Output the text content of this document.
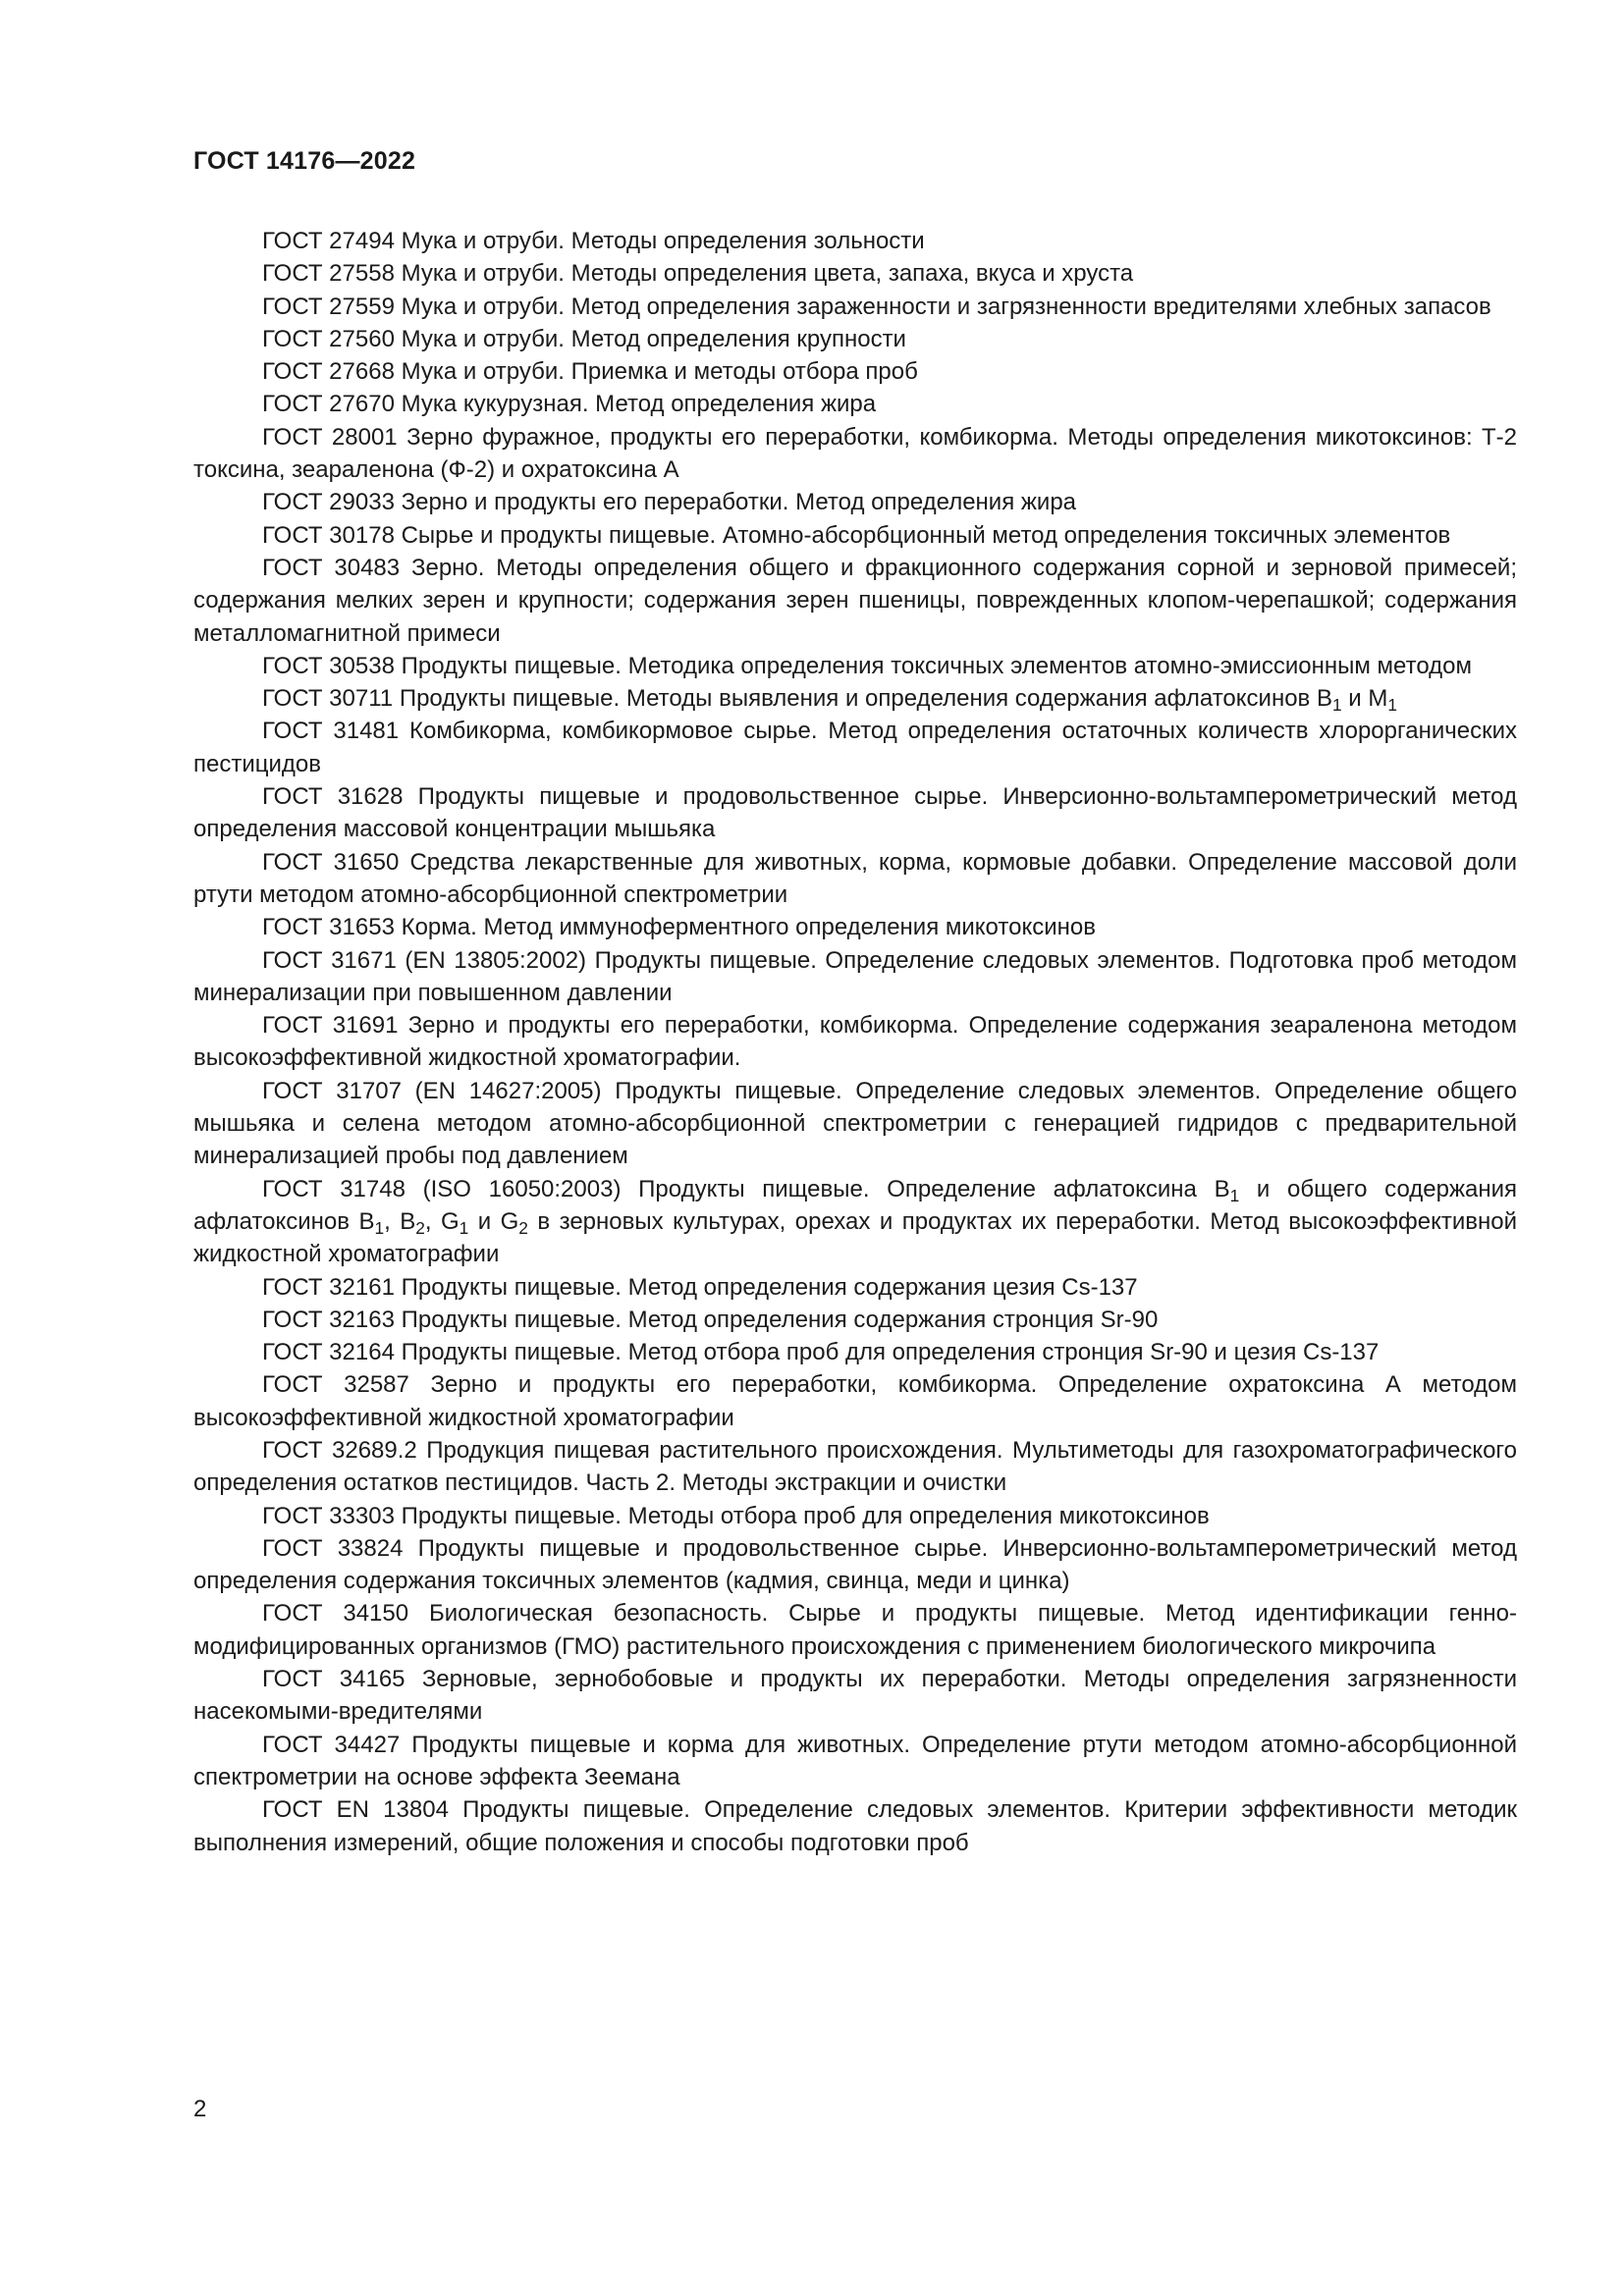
ГОСТ 14176—2022

ГОСТ 27494 Мука и отруби. Методы определения зольности

ГОСТ 27558 Мука и отруби. Методы определения цвета, запаха, вкуса и хруста

ГОСТ 27559 Мука и отруби. Метод определения зараженности и загрязненности вредителями хлебных запасов

ГОСТ 27560 Мука и отруби. Метод определения крупности

ГОСТ 27668 Мука и отруби. Приемка и методы отбора проб

ГОСТ 27670 Мука кукурузная. Метод определения жира

ГОСТ 28001 Зерно фуражное, продукты его переработки, комбикорма. Методы определения микотоксинов: Т-2 токсина, зеараленона (Ф-2) и охратоксина А

ГОСТ 29033 Зерно и продукты его переработки. Метод определения жира

ГОСТ 30178 Сырье и продукты пищевые. Атомно-абсорбционный метод определения токсичных элементов

ГОСТ 30483 Зерно. Методы определения общего и фракционного содержания сорной и зерновой примесей; содержания мелких зерен и крупности; содержания зерен пшеницы, поврежденных клопом-черепашкой; содержания металломагнитной примеси

ГОСТ 30538 Продукты пищевые. Методика определения токсичных элементов атомно-эмиссионным методом

ГОСТ 30711 Продукты пищевые. Методы выявления и определения содержания афлатоксинов $B_1$ и $M_1$

ГОСТ 31481 Комбикорма, комбикормовое сырье. Метод определения остаточных количеств хлорорганических пестицидов

ГОСТ 31628 Продукты пищевые и продовольственное сырье. Инверсионно-вольтамперометрический метод определения массовой концентрации мышьяка

ГОСТ 31650 Средства лекарственные для животных, корма, кормовые добавки. Определение массовой доли ртути методом атомно-абсорбционной спектрометрии

ГОСТ 31653 Корма. Метод иммуноферментного определения микотоксинов

ГОСТ 31671 (EN 13805:2002) Продукты пищевые. Определение следовых элементов. Подготовка проб методом минерализации при повышенном давлении

ГОСТ 31691 Зерно и продукты его переработки, комбикорма. Определение содержания зеараленона методом высокоэффективной жидкостной хроматографии.

ГОСТ 31707 (EN 14627:2005) Продукты пищевые. Определение следовых элементов. Определение общего мышьяка и селена методом атомно-абсорбционной спектрометрии с генерацией гидридов с предварительной минерализацией пробы под давлением

ГОСТ 31748 (ISO 16050:2003) Продукты пищевые. Определение афлатоксина $B_1$ и общего содержания афлатоксинов $B_1$, $B_2$, $G_1$ и $G_2$ в зерновых культурах, орехах и продуктах их переработки. Метод высокоэффективной жидкостной хроматографии

ГОСТ 32161 Продукты пищевые. Метод определения содержания цезия Cs-137

ГОСТ 32163 Продукты пищевые. Метод определения содержания стронция Sr-90

ГОСТ 32164 Продукты пищевые. Метод отбора проб для определения стронция Sr-90 и цезия Cs-137

ГОСТ 32587 Зерно и продукты его переработки, комбикорма. Определение охратоксина А методом высокоэффективной жидкостной хроматографии

ГОСТ 32689.2 Продукция пищевая растительного происхождения. Мультиметоды для газохроматографического определения остатков пестицидов. Часть 2. Методы экстракции и очистки

ГОСТ 33303 Продукты пищевые. Методы отбора проб для определения микотоксинов

ГОСТ 33824 Продукты пищевые и продовольственное сырье. Инверсионно-вольтамперометрический метод определения содержания токсичных элементов (кадмия, свинца, меди и цинка)

ГОСТ 34150 Биологическая безопасность. Сырье и продукты пищевые. Метод идентификации генно-модифицированных организмов (ГМО) растительного происхождения с применением биологического микрочипа

ГОСТ 34165 Зерновые, зернобобовые и продукты их переработки. Методы определения загрязненности насекомыми-вредителями

ГОСТ 34427 Продукты пищевые и корма для животных. Определение ртути методом атомно-абсорбционной спектрометрии на основе эффекта Зеемана

ГОСТ EN 13804 Продукты пищевые. Определение следовых элементов. Критерии эффективности методик выполнения измерений, общие положения и способы подготовки проб

2
